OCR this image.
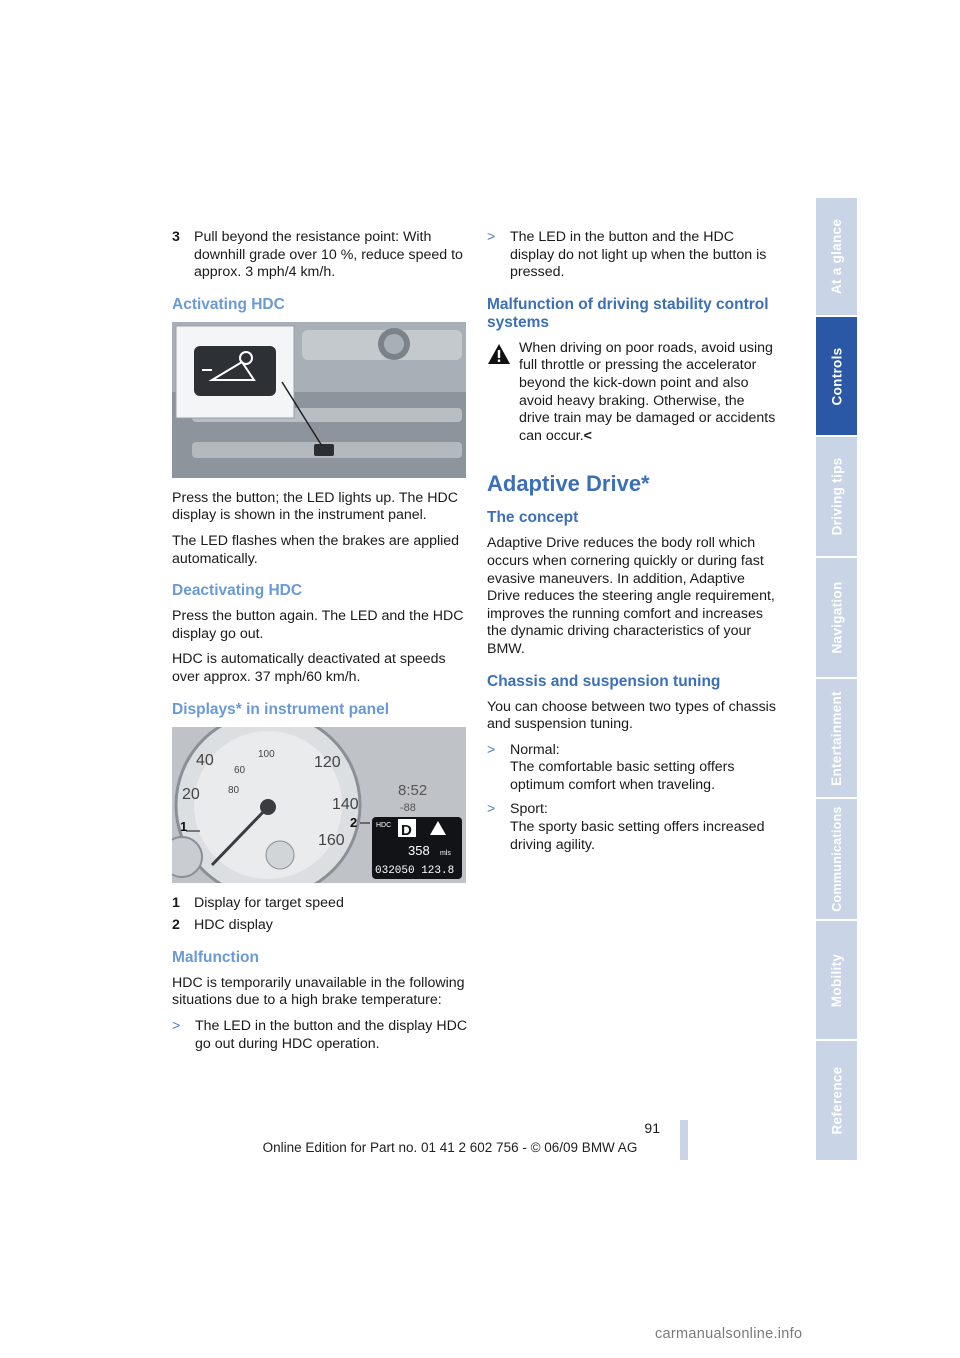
3 Pull beyond the resistance point: With downhill grade over 10 %, reduce speed to approx. 3 mph/4 km/h.
Activating HDC

Press the button; the LED lights up. The HDC display is shown in the instrument panel.

The LED flashes when the brakes are applied automatically.

Deactivating HDC

Press the button again. The LED and the HDC display go out.

HDC is automatically deactivated at speeds over approx. 37 mph/60 km/h.

Displays* in instrument panel
40
60
20	80
100 120
140
160
8:52
-88
HDC D
358 mls
032050 123.8
1	2
1 Display for target speed
2 HDC display
Malfunction

HDC is temporarily unavailable in the following situations due to a high brake temperature:

>	The LED in the button and the display HDC go out during HDC operation.
>	The LED in the button and the HDC display do not light up when the button is pressed.
Malfunction of driving stability control systems
When driving on poor roads, avoid using full throttle or pressing the accelerator beyond the kick-down point and also avoid heavy braking. Otherwise, the drive train may be damaged or accidents can occur.<
Adaptive Drive*
The concept

Adaptive Drive reduces the body roll which occurs when cornering quickly or during fast evasive maneuvers. In addition, Adaptive Drive reduces the steering angle requirement, improves the running comfort and increases the dynamic driving characteristics of your BMW.

Chassis and suspension tuning

You can choose between two types of chassis and suspension tuning.

>	Normal:
The comfortable basic setting offers optimum comfort when traveling.
>	Sport:
The sporty basic setting offers increased driving agility.
At a glance
Controls
Driving tips
Navigation
Entertainment
Communications
Mobility
Reference
91
Online Edition for Part no. 01 41 2 602 756 - © 06/09 BMW AG
carmanualsonline.info
